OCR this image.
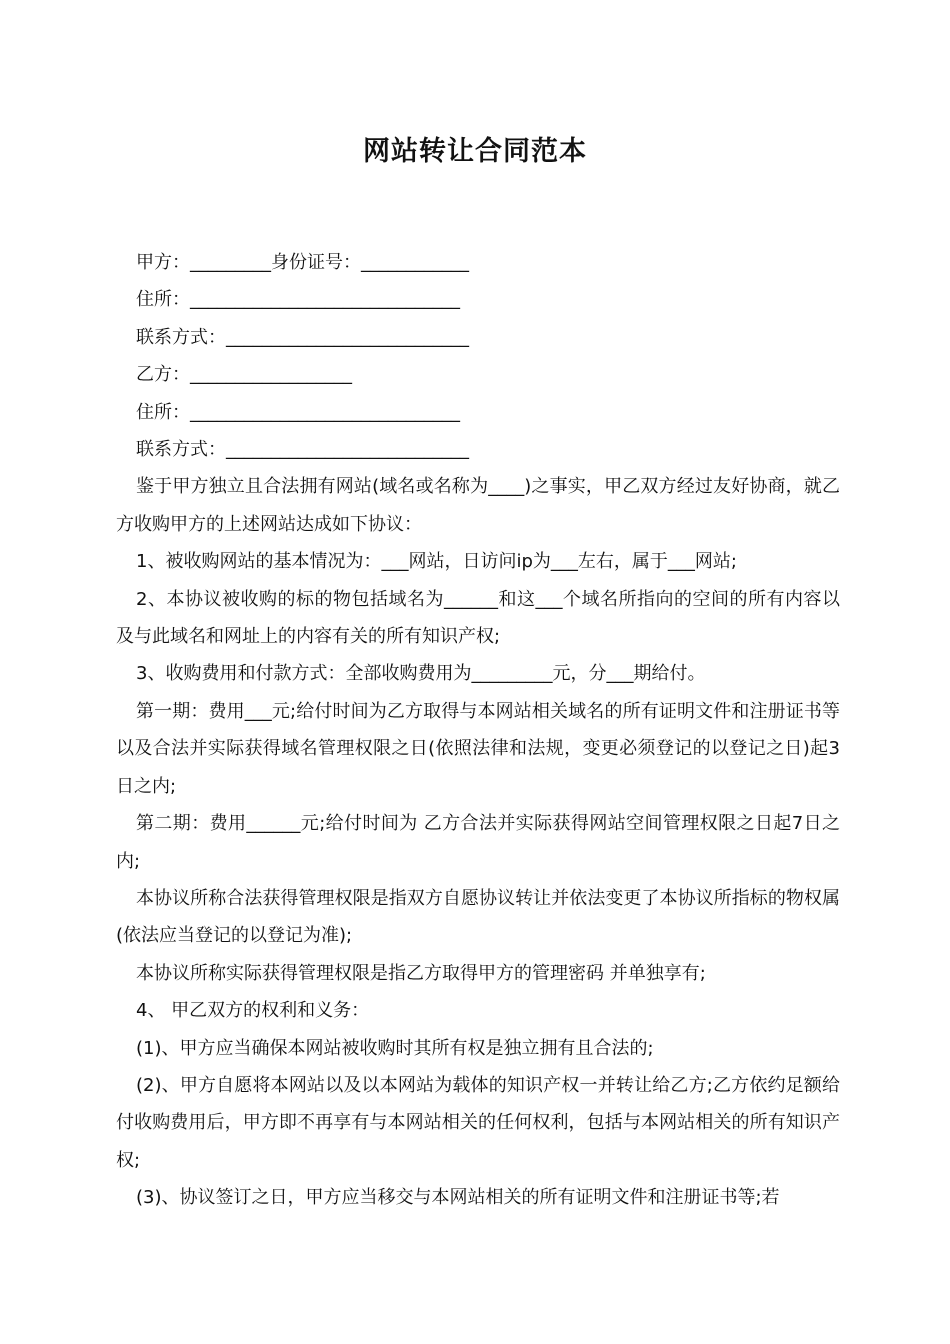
网站转让合同范本

甲方：_________身份证号：____________

住所：______________________________

联系方式：___________________________

乙方：__________________

住所：______________________________

联系方式：___________________________

鉴于甲方独立且合法拥有网站(域名或名称为____)之事实，甲乙双方经过友好协商，就乙方收购甲方的上述网站达成如下协议：

1、被收购网站的基本情况为：___网站，日访问ip为___左右，属于___网站;

2、本协议被收购的标的物包括域名为______和这___个域名所指向的空间的所有内容以及与此域名和网址上的内容有关的所有知识产权;

3、收购费用和付款方式：全部收购费用为_________元，分___期给付。

第一期：费用___元;给付时间为乙方取得与本网站相关域名的所有证明文件和注册证书等以及合法并实际获得域名管理权限之日(依照法律和法规，变更必须登记的以登记之日)起3日之内;

第二期：费用______元;给付时间为 乙方合法并实际获得网站空间管理权限之日起7日之内;

本协议所称合法获得管理权限是指双方自愿协议转让并依法变更了本协议所指标的物权属(依法应当登记的以登记为准);

本协议所称实际获得管理权限是指乙方取得甲方的管理密码 并单独享有;

4、 甲乙双方的权利和义务：

(1)、甲方应当确保本网站被收购时其所有权是独立拥有且合法的;

(2)、甲方自愿将本网站以及以本网站为载体的知识产权一并转让给乙方;乙方依约足额给付收购费用后，甲方即不再享有与本网站相关的任何权利，包括与本网站相关的所有知识产权;

(3)、协议签订之日，甲方应当移交与本网站相关的所有证明文件和注册证书等;若
